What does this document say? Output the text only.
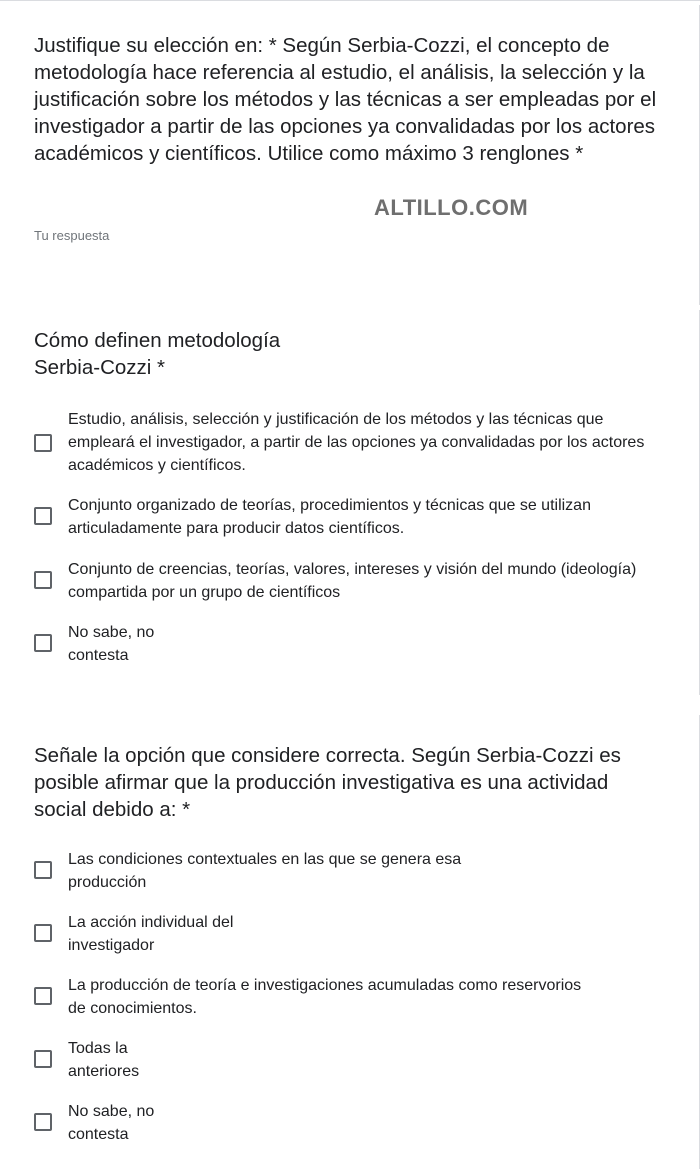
Justifique su elección en: * Según Serbia-Cozzi, el concepto de metodología hace referencia al estudio, el análisis, la selección y la justificación sobre los métodos y las técnicas a ser empleadas por el investigador a partir de las opciones ya convalidadas por los actores académicos y científicos. Utilice como máximo 3 renglones *
ALTILLO.COM
Tu respuesta
Cómo definen metodología Serbia-Cozzi *
Estudio, análisis, selección y justificación de los métodos y las técnicas que empleará el investigador, a partir de las opciones ya convalidadas por los actores académicos y científicos.
Conjunto organizado de teorías, procedimientos y técnicas que se utilizan articuladamente para producir datos científicos.
Conjunto de creencias, teorías, valores, intereses y visión del mundo (ideología) compartida por un grupo de científicos
No sabe, no contesta
Señale la opción que considere correcta. Según Serbia-Cozzi es posible afirmar que la producción investigativa es una actividad social debido a: *
Las condiciones contextuales en las que se genera esa producción
La acción individual del investigador
La producción de teoría e investigaciones acumuladas como reservorios de conocimientos.
Todas la anteriores
No sabe, no contesta
